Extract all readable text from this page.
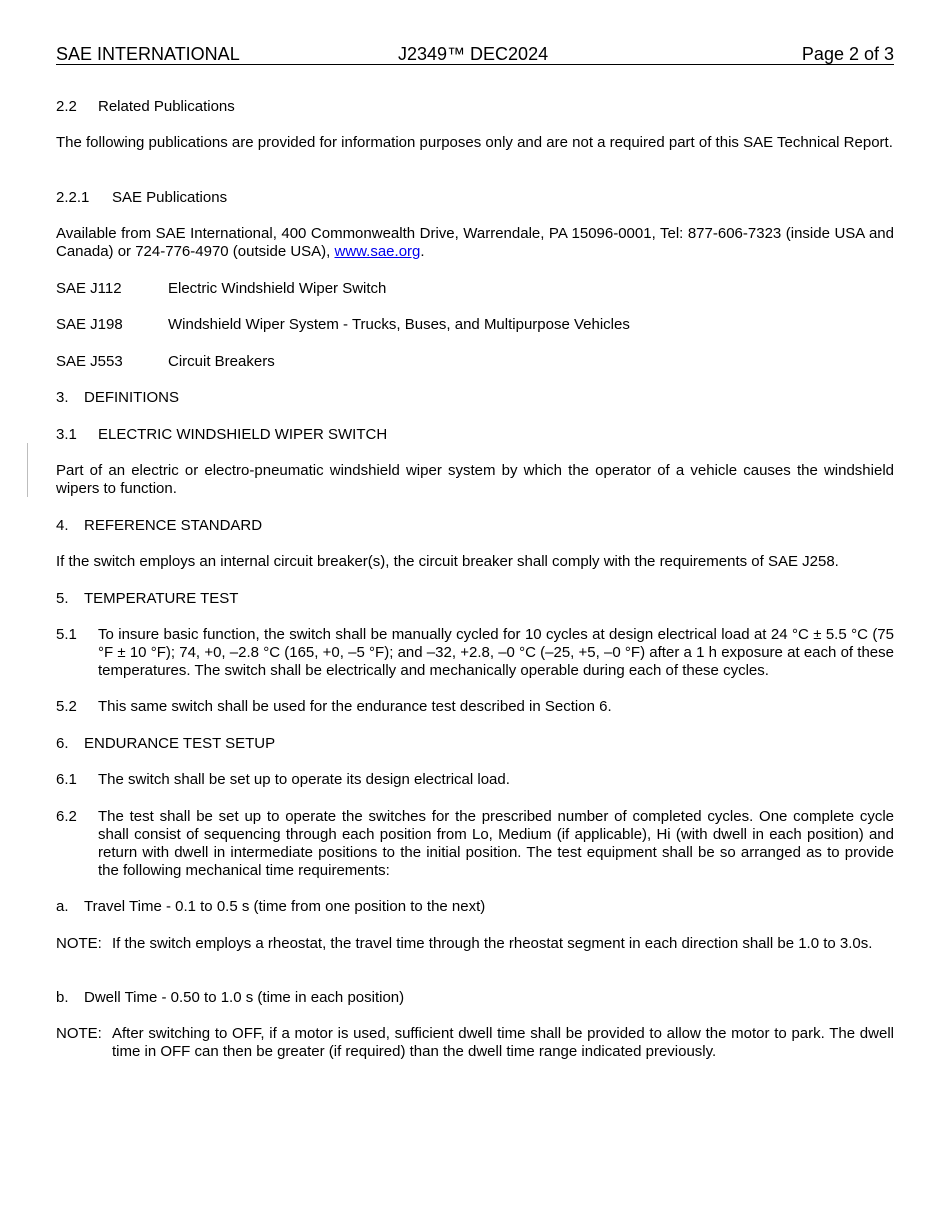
SAE INTERNATIONAL	J2349™ DEC2024	Page 2 of 3
2.2 Related Publications
The following publications are provided for information purposes only and are not a required part of this SAE Technical Report.
2.2.1 SAE Publications
Available from SAE International, 400 Commonwealth Drive, Warrendale, PA 15096-0001, Tel: 877-606-7323 (inside USA and Canada) or 724-776-4970 (outside USA), www.sae.org.
SAE J112	Electric Windshield Wiper Switch
SAE J198	Windshield Wiper System - Trucks, Buses, and Multipurpose Vehicles
SAE J553	Circuit Breakers
3. DEFINITIONS
3.1 ELECTRIC WINDSHIELD WIPER SWITCH
Part of an electric or electro-pneumatic windshield wiper system by which the operator of a vehicle causes the windshield wipers to function.
4. REFERENCE STANDARD
If the switch employs an internal circuit breaker(s), the circuit breaker shall comply with the requirements of SAE J258.
5. TEMPERATURE TEST
5.1 To insure basic function, the switch shall be manually cycled for 10 cycles at design electrical load at 24 °C ± 5.5 °C (75 °F ± 10 °F); 74, +0, –2.8 °C (165, +0, –5 °F); and –32, +2.8, –0 °C (–25, +5, –0 °F) after a 1 h exposure at each of these temperatures. The switch shall be electrically and mechanically operable during each of these cycles.
5.2 This same switch shall be used for the endurance test described in Section 6.
6. ENDURANCE TEST SETUP
6.1 The switch shall be set up to operate its design electrical load.
6.2 The test shall be set up to operate the switches for the prescribed number of completed cycles. One complete cycle shall consist of sequencing through each position from Lo, Medium (if applicable), Hi (with dwell in each position) and return with dwell in intermediate positions to the initial position. The test equipment shall be so arranged as to provide the following mechanical time requirements:
a. Travel Time - 0.1 to 0.5 s (time from one position to the next)
NOTE: If the switch employs a rheostat, the travel time through the rheostat segment in each direction shall be 1.0 to 3.0s.
b. Dwell Time - 0.50 to 1.0 s (time in each position)
NOTE: After switching to OFF, if a motor is used, sufficient dwell time shall be provided to allow the motor to park. The dwell time in OFF can then be greater (if required) than the dwell time range indicated previously.
